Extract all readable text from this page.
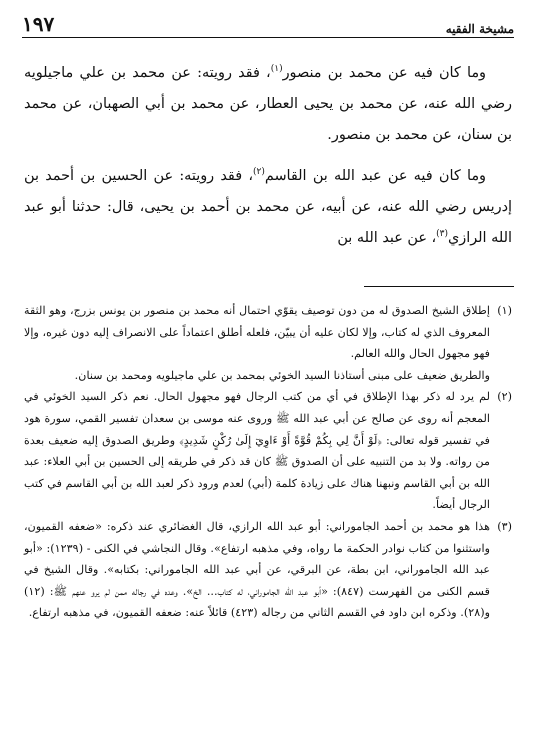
١٩٧	مشيخة الفقيه

وما كان فيه عن محمد بن منصور$^{(١)}$، فقد رويته: عن محمد بن علي ماجيلويه رضي الله عنه، عن محمد بن يحيى العطار، عن محمد بن أبي الصهبان، عن محمد بن سنان، عن محمد بن منصور.

وما كان فيه عن عبد الله بن القاسم$^{(٢)}$، فقد رويته: عن الحسين بن أحمد بن إدريس رضي الله عنه، عن أبيه، عن محمد بن أحمد بن يحيى، قال: حدثنا أبو عبد الله الرازي$^{(٣)}$، عن عبد الله بن

(١)

إطلاق الشيخ الصدوق له من دون توصيف يقوّي احتمال أنه محمد بن منصور بن يونس بزرج، وهو الثقة المعروف الذي له كتاب، وإلا لكان عليه أن يبيّن، فلعله أطلق اعتماداً على الانصراف إليه دون غيره، وإلا فهو مجهول الحال والله العالم.

والطريق ضعيف على مبنى أستاذنا السيد الخوئي بمحمد بن علي ماجيلويه ومحمد بن سنان.

(٢)

لم يرد له ذكر بهذا الإطلاق في أي من كتب الرجال فهو مجهول الحال. نعم ذكر السيد الخوئي في المعجم أنه روى عن صالح عن أبي عبد الله ﷺ وروى عنه موسى بن سعدان تفسير القمي، سورة هود في تفسير قوله تعالى: ﴿لَوْ أَنَّ لِي بِكُمْ قُوَّةً أَوْ ءَاوِيٓ إِلَىٰ رُكْنٍ شَدِيدٍ﴾ وطريق الصدوق إليه ضعيف بعدة من رواته. ولا بد من التنبيه على أن الصدوق ﷺ كان قد ذكر في طريقه إلى الحسين بن أبي العلاء: عبد الله بن أبي القاسم ونبهنا هناك على زيادة كلمة (أبي) لعدم ورود ذكر لعبد الله بن أبي القاسم في كتب الرجال أيضاً.

(٣)

هذا هو محمد بن أحمد الجاموراني: أبو عبد الله الرازي، قال الغضائري عند ذكره: «ضعفه القميون، واستثنوا من كتاب نوادر الحكمة ما رواه، وفي مذهبه ارتفاع». وقال النجاشي في الكنى - (١٢٣٩): «أبو عبد الله الجاموراني، ابن بطة، عن البرقي، عن أبي عبد الله الجاموراني: بكتابه». وقال الشيخ في قسم الكنى من الفهرست (٨٤٧): «أبو عبد الله الجاموراني، له كتاب... الخ». وعده في رجاله ممن لم يرو عنهم ﷺ: (١٢) و(٢٨). وذكره ابن داود في القسم الثاني من رجاله (٤٢٣) قائلاً عنه: ضعفه القميون، في مذهبه ارتفاع.
